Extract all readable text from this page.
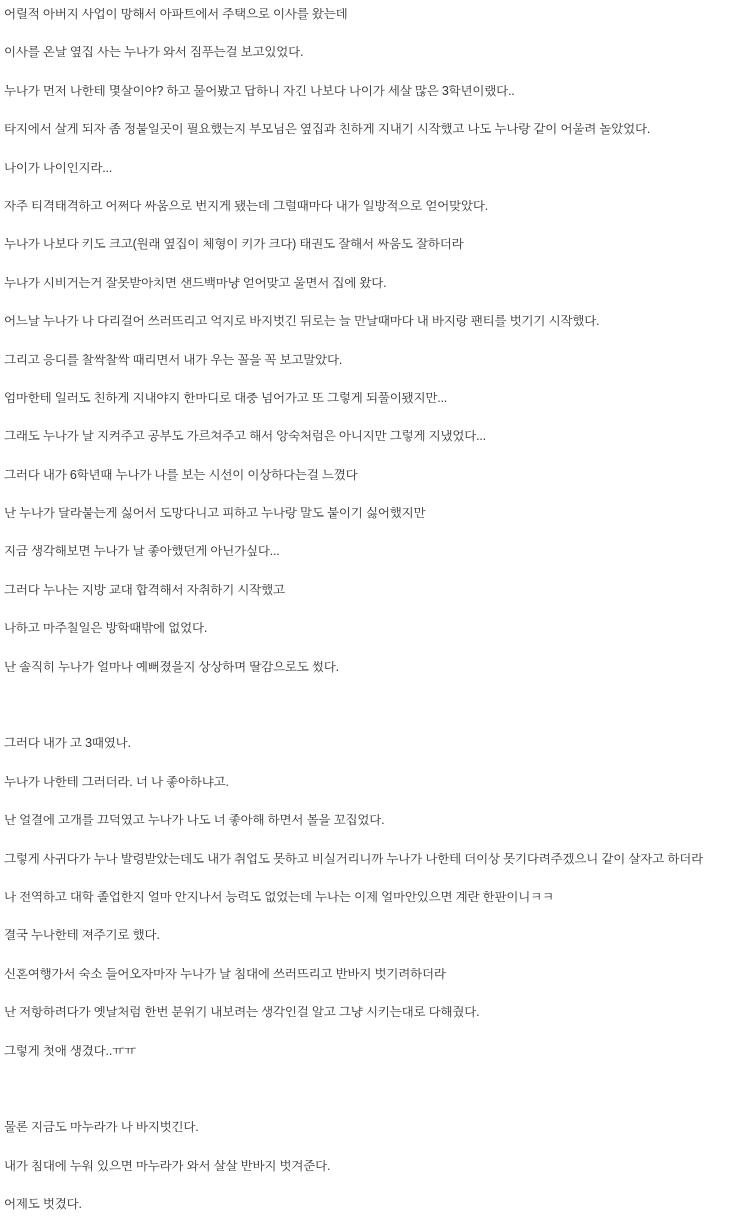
어릴적 아버지 사업이 망해서 아파트에서 주택으로 이사를 왔는데

이사를 온날 옆집 사는 누나가 와서 짐푸는걸 보고있었다.

누나가 먼저 나한테 몇살이야? 하고 물어봤고 답하니 자긴 나보다 나이가 세살 많은 3학년이랬다..

타지에서 살게 되자 좀 정붙일곳이 필요했는지 부모님은 옆집과 친하게 지내기 시작했고 나도 누나랑 같이 어울려 놀았었다.

나이가 나이인지라...

자주 티격태격하고 어쩌다 싸움으로 번지게 됐는데 그럴때마다 내가 일방적으로 얻어맞았다.

누나가 나보다 키도 크고(원래 옆집이 체형이 키가 크다) 태권도 잘해서 싸움도 잘하더라

누나가 시비거는거 잘못받아치면 샌드백마냥 얻어맞고 울면서 집에 왔다.

어느날 누나가 나 다리걸어 쓰러뜨리고 억지로 바지벗긴 뒤로는 늘 만날때마다 내 바지랑 팬티를 벗기기 시작했다.

그리고 응디를 찰싹찰싹 때리면서 내가 우는 꼴을 꼭 보고말았다.

엄마한테 일러도 친하게 지내야지 한마디로 대충 넘어가고 또 그렇게 되풀이됐지만...

그래도 누나가 날 지켜주고 공부도 가르쳐주고 해서 앙숙처럼은 아니지만 그렇게 지냈었다...

그러다 내가 6학년때 누나가 나를 보는 시선이 이상하다는걸 느꼈다

난 누나가 달라붙는게 싫어서 도망다니고 피하고 누나랑 말도 붙이기 싫어했지만

지금 생각해보면 누나가 날 좋아했던게 아닌가싶다...

그러다 누나는 지방 교대 합격해서 자취하기 시작했고

나하고 마주칠일은 방학때밖에 없었다.

난 솔직히 누나가 얼마나 예뻐졌을지 상상하며 딸감으로도 썼다.

그러다 내가 고 3때였나.

누나가 나한테 그러더라. 너 나 좋아하냐고.

난 얼결에 고개를 끄덕였고 누나가 나도 너 좋아해 하면서 볼을 꼬집었다.

그렇게 사귀다가 누나 발령받았는데도 내가 취업도 못하고 비실거리니까 누나가 나한테 더이상 못기다려주겠으니 같이 살자고 하더라

나 전역하고 대학 졸업한지 얼마 안지나서 능력도 없었는데 누나는 이제 얼마안있으면 계란 한판이니ㅋㅋ

결국 누나한테 져주기로 했다.

신혼여행가서 숙소 들어오자마자 누나가 날 침대에 쓰러뜨리고 반바지 벗기려하더라

난 저항하려다가 옛날처럼 한번 분위기 내보려는 생각인걸 알고 그냥 시키는대로 다해줬다.

그렇게 첫애 생겼다..ㅠㅠ

물론 지금도 마누라가 나 바지벗긴다.

내가 침대에 누워 있으면 마누라가 와서 살살 반바지 벗겨준다.

어제도 벗겼다.
